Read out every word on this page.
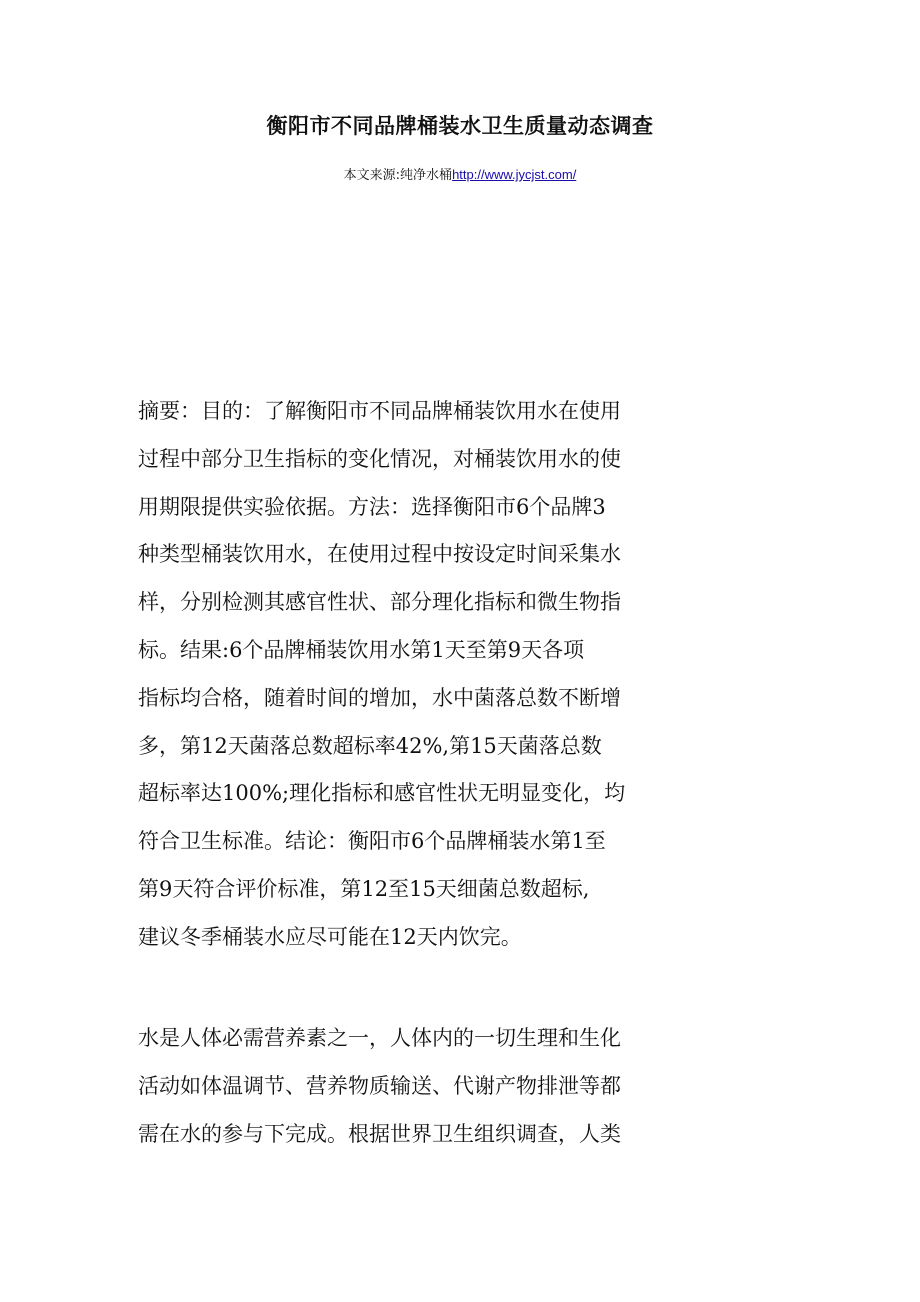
衡阳市不同品牌桶装水卫生质量动态调查
本文来源:纯净水桶http://www.jycjst.com/
摘要：目的：了解衡阳市不同品牌桶装饮用水在使用
过程中部分卫生指标的变化情况，对桶装饮用水的使
用期限提供实验依据。方法：选择衡阳市6个品牌3
种类型桶装饮用水，在使用过程中按设定时间采集水
样，分别检测其感官性状、部分理化指标和微生物指
标。结果:6个品牌桶装饮用水第1天至第9天各项
指标均合格，随着时间的增加，水中菌落总数不断增
多，第12天菌落总数超标率42%,第15天菌落总数
超标率达100%;理化指标和感官性状无明显变化，均
符合卫生标准。结论：衡阳市6个品牌桶装水第1至
第9天符合评价标准，第12至15天细菌总数超标,
建议冬季桶装水应尽可能在12天内饮完。
水是人体必需营养素之一，人体内的一切生理和生化
活动如体温调节、营养物质输送、代谢产物排泄等都
需在水的参与下完成。根据世界卫生组织调查，人类
